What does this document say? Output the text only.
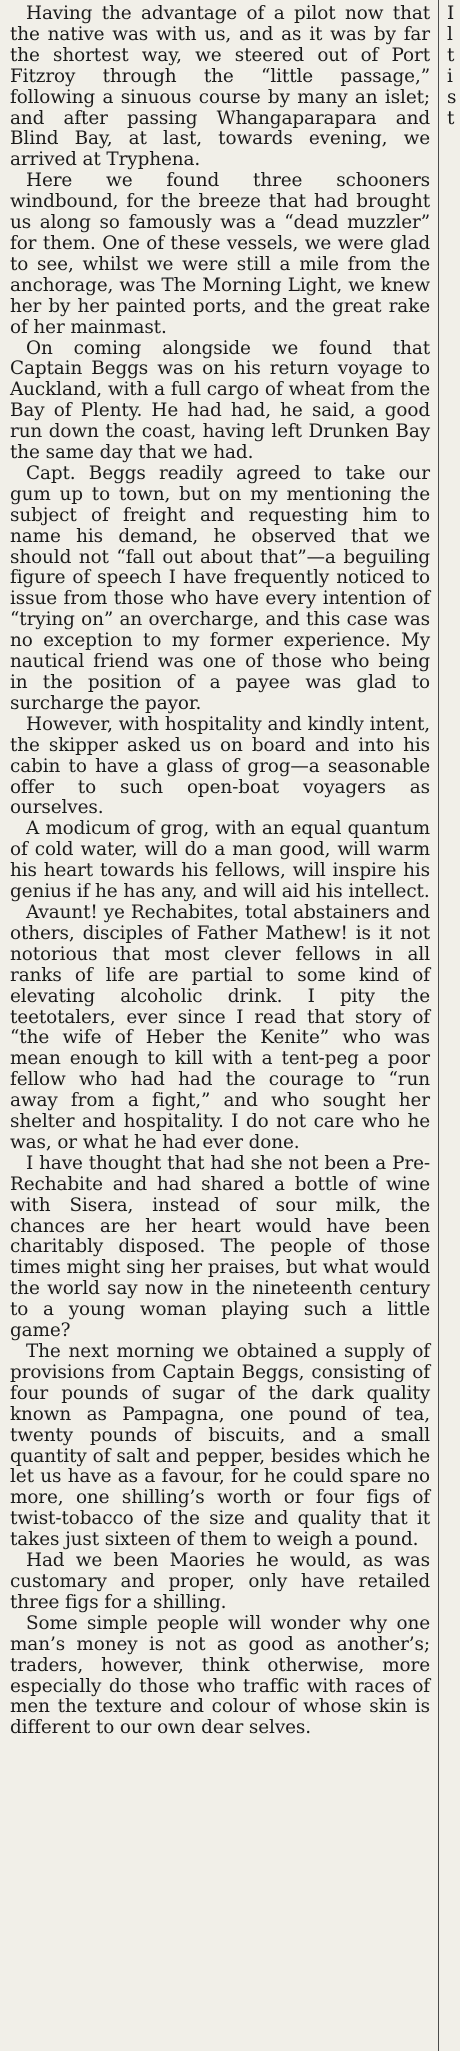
Having the advantage of a pilot now that the native was with us, and as it was by far the shortest way, we steered out of Port Fitzroy through the “little passage,” following a sinuous course by many an islet; and after passing Whangaparapara and Blind Bay, at last, towards evening, we arrived at Tryphena.

Here we found three schooners windbound, for the breeze that had brought us along so famously was a “dead muzzler” for them. One of these vessels, we were glad to see, whilst we were still a mile from the anchorage, was The Morning Light, we knew her by her painted ports, and the great rake of her mainmast.

On coming alongside we found that Captain Beggs was on his return voyage to Auckland, with a full cargo of wheat from the Bay of Plenty. He had had, he said, a good run down the coast, having left Drunken Bay the same day that we had.

Capt. Beggs readily agreed to take our gum up to town, but on my mentioning the subject of freight and requesting him to name his demand, he observed that we should not “fall out about that”—a beguiling figure of speech I have frequently noticed to issue from those who have every intention of “trying on” an overcharge, and this case was no exception to my former experience. My nautical friend was one of those who being in the position of a payee was glad to surcharge the payor.

However, with hospitality and kindly intent, the skipper asked us on board and into his cabin to have a glass of grog—a seasonable offer to such open-boat voyagers as ourselves.

A modicum of grog, with an equal quantum of cold water, will do a man good, will warm his heart towards his fellows, will inspire his genius if he has any, and will aid his intellect.

Avaunt! ye Rechabites, total abstainers and others, disciples of Father Mathew! is it not notorious that most clever fellows in all ranks of life are partial to some kind of elevating alcoholic drink. I pity the teetotalers, ever since I read that story of “the wife of Heber the Kenite” who was mean enough to kill with a tent-peg a poor fellow who had had the courage to “run away from a fight,” and who sought her shelter and hospitality. I do not care who he was, or what he had ever done.

I have thought that had she not been a Pre-Rechabite and had shared a bottle of wine with Sisera, instead of sour milk, the chances are her heart would have been charitably disposed. The people of those times might sing her praises, but what would the world say now in the nineteenth century to a young woman playing such a little game?

The next morning we obtained a supply of provisions from Captain Beggs, consisting of four pounds of sugar of the dark quality known as Pampagna, one pound of tea, twenty pounds of biscuits, and a small quantity of salt and pepper, besides which he let us have as a favour, for he could spare no more, one shilling’s worth or four figs of twist-tobacco of the size and quality that it takes just sixteen of them to weigh a pound.

Had we been Maories he would, as was customary and proper, only have retailed three figs for a shilling.

Some simple people will wonder why one man’s money is not as good as another’s; traders, however, think otherwise, more especially do those who traffic with races of men the texture and colour of whose skin is different to our own dear selves.

I
l
t
i
s
t
